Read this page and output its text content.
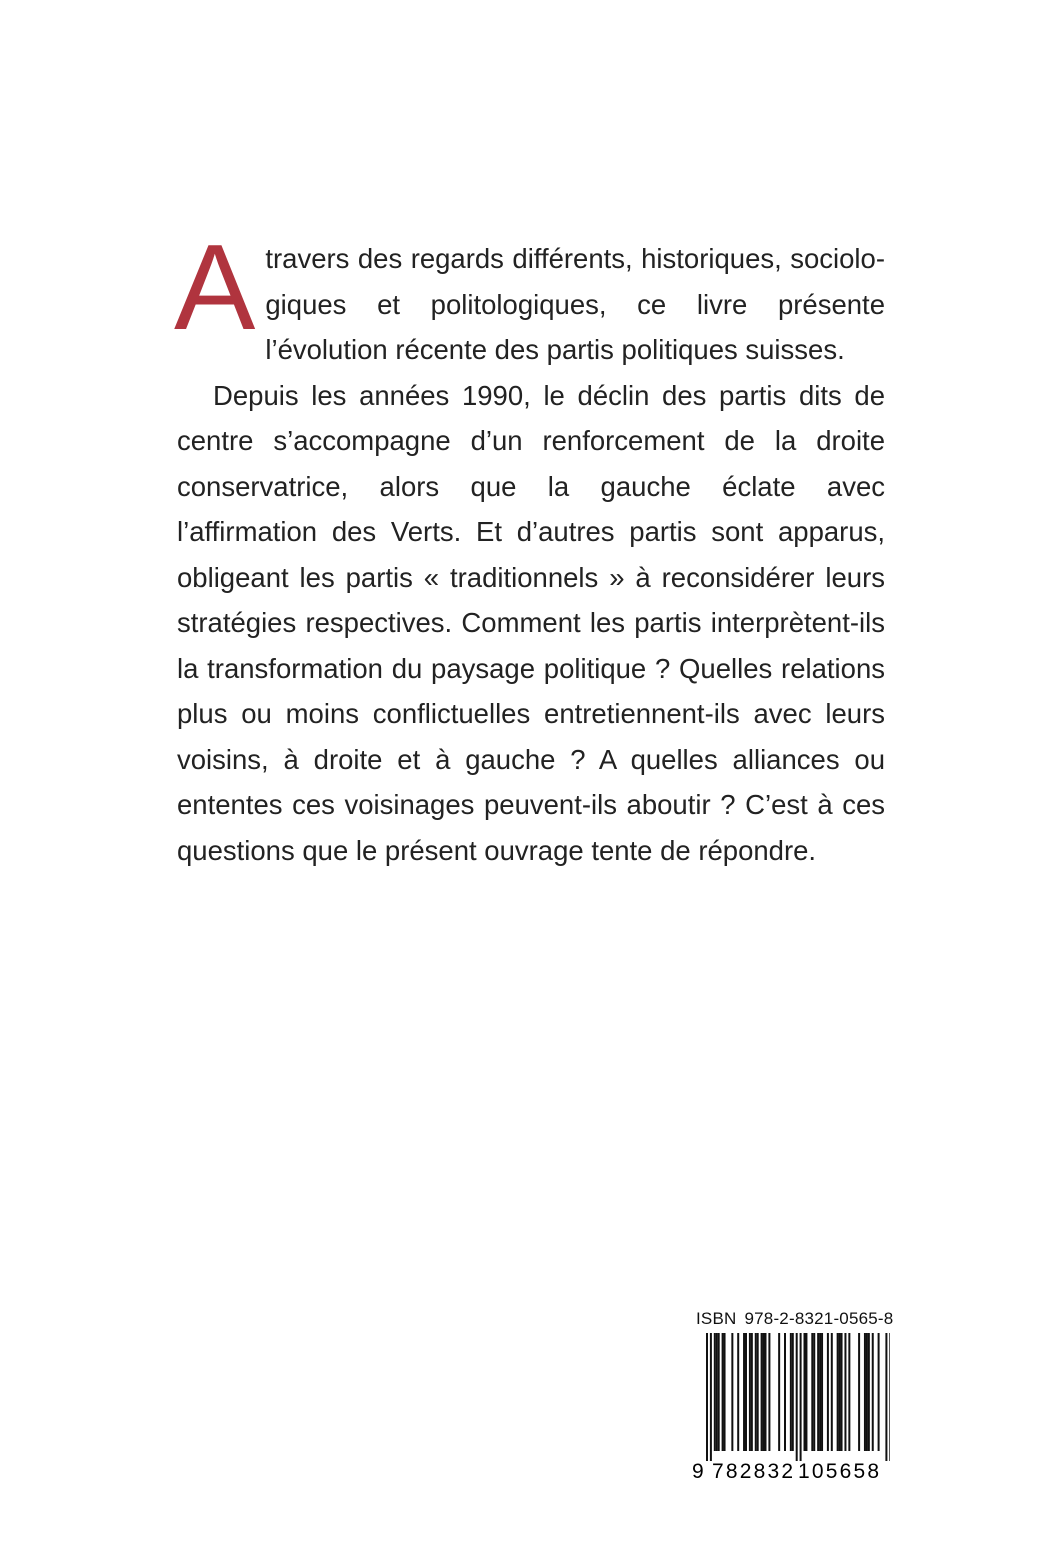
Atravers des regards différents, historiques, sociologiques et politologiques, ce livre présente l’évolution récente des partis politiques suisses.

Depuis les années 1990, le déclin des partis dits de centre s’accompagne d’un renforcement de la droite conservatrice, alors que la gauche éclate avec l’affirmation des Verts. Et d’autres partis sont apparus, obligeant les partis « traditionnels » à reconsidérer leurs stratégies respectives. Comment les partis interprètent-ils la transformation du paysage politique ? Quelles relations plus ou moins conflictuelles entretiennent-ils avec leurs voisins, à droite et à gauche ? A quelles alliances ou ententes ces voisinages peuvent-ils aboutir ? C’est à ces questions que le présent ouvrage tente de répondre.

ISBN 978-2-8321-0565-8
9 782832 105658
